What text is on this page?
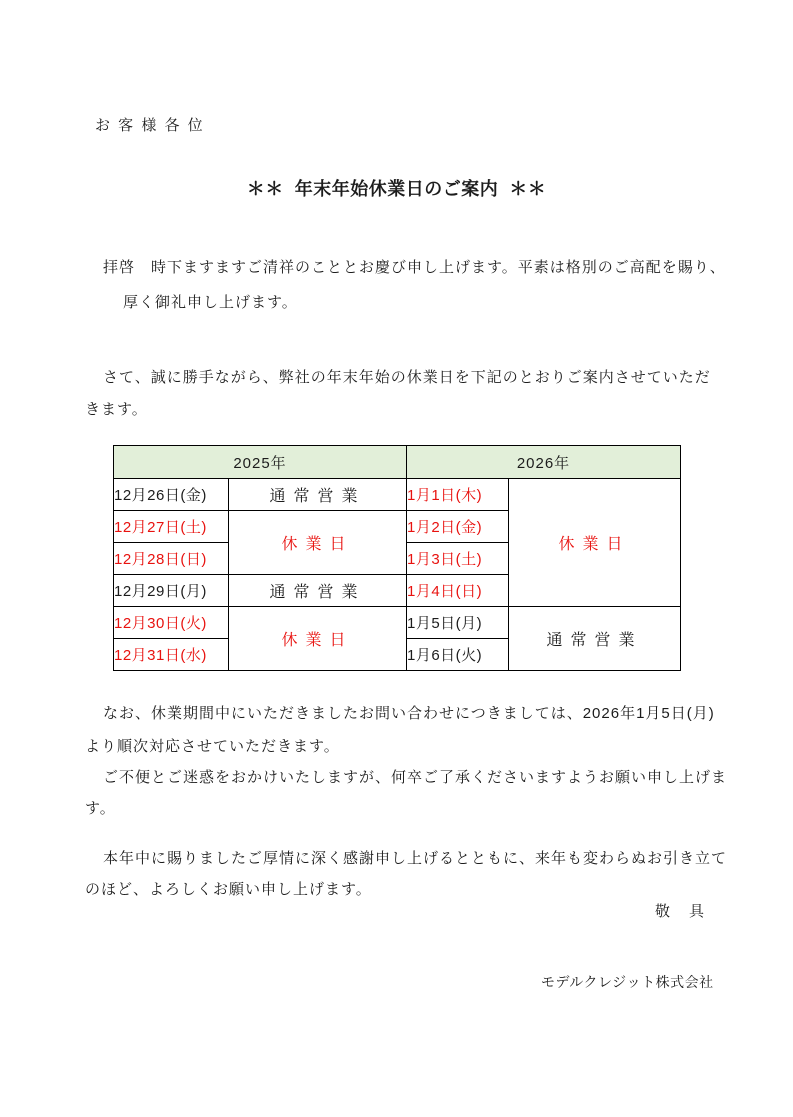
お 客 様 各 位
＊＊  年末年始休業日のご案内  ＊＊
拝啓　時下ますますご清祥のこととお慶び申し上げます。平素は格別のご高配を賜り、
厚く御礼申し上げます。
さて、誠に勝手ながら、弊社の年末年始の休業日を下記のとおりご案内させていただ
きます。
2025年		2026年	
12月26日(金)	通常営業	1月1日(木)	休業日
12月27日(土)	休業日	1月2日(金)	
12月28日(日)		1月3日(土)	
12月29日(月)	通常営業	1月4日(日)	
12月30日(火)	休業日	1月5日(月)	通常営業
12月31日(水)		1月6日(火)	
なお、休業期間中にいただきましたお問い合わせにつきましては、2026年1月5日(月)
より順次対応させていただきます。
ご不便とご迷惑をおかけいたしますが、何卒ご了承くださいますようお願い申し上げま
す。
本年中に賜りましたご厚情に深く感謝申し上げるとともに、来年も変わらぬお引き立て
のほど、よろしくお願い申し上げます。
敬　具
モデルクレジット株式会社
